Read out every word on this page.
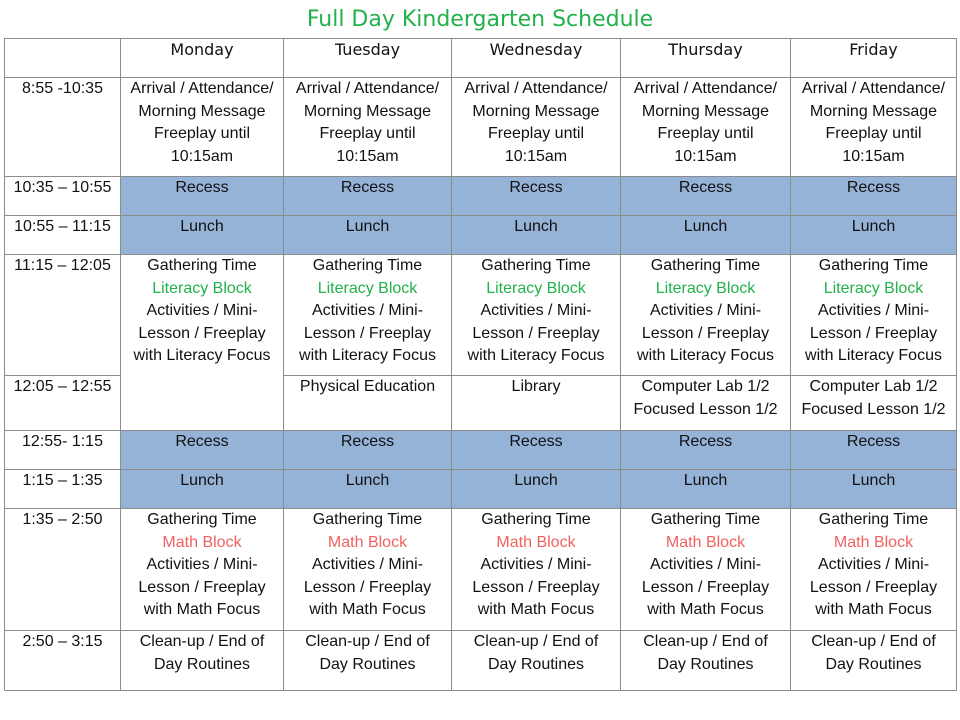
Full Day Kindergarten Schedule
	Monday	Tuesday	Wednesday	Thursday	Friday
8:55 -10:35	Arrival / Attendance/
Morning Message
Freeplay until
10:15am	Arrival / Attendance/
Morning Message
Freeplay until
10:15am	Arrival / Attendance/
Morning Message
Freeplay until
10:15am	Arrival / Attendance/
Morning Message
Freeplay until
10:15am	Arrival / Attendance/
Morning Message
Freeplay until
10:15am

10:35 – 10:55	Recess	Recess	Recess	Recess	Recess
10:55 – 11:15	Lunch	Lunch	Lunch	Lunch	Lunch
11:15 – 12:05	Gathering Time
Literacy Block
Activities / Mini-
Lesson / Freeplay
with Literacy Focus	Gathering Time
Literacy Block
Activities / Mini-
Lesson / Freeplay
with Literacy Focus	Gathering Time
Literacy Block
Activities / Mini-
Lesson / Freeplay
with Literacy Focus	Gathering Time
Literacy Block
Activities / Mini-
Lesson / Freeplay
with Literacy Focus	Gathering Time
Literacy Block
Activities / Mini-
Lesson / Freeplay
with Literacy Focus

12:05 – 12:55		Physical Education	Library	Computer Lab 1/2
Focused Lesson 1/2	Computer Lab 1/2
Focused Lesson 1/2

12:55- 1:15	Recess	Recess	Recess	Recess	Recess
1:15 – 1:35	Lunch	Lunch	Lunch	Lunch	Lunch
1:35 – 2:50	Gathering Time
Math Block
Activities / Mini-
Lesson / Freeplay
with Math Focus	Gathering Time
Math Block
Activities / Mini-
Lesson / Freeplay
with Math Focus	Gathering Time
Math Block
Activities / Mini-
Lesson / Freeplay
with Math Focus	Gathering Time
Math Block
Activities / Mini-
Lesson / Freeplay
with Math Focus	Gathering Time
Math Block
Activities / Mini-
Lesson / Freeplay
with Math Focus

2:50 – 3:15	Clean-up / End of
Day Routines	Clean-up / End of
Day Routines	Clean-up / End of
Day Routines	Clean-up / End of
Day Routines	Clean-up / End of
Day Routines
